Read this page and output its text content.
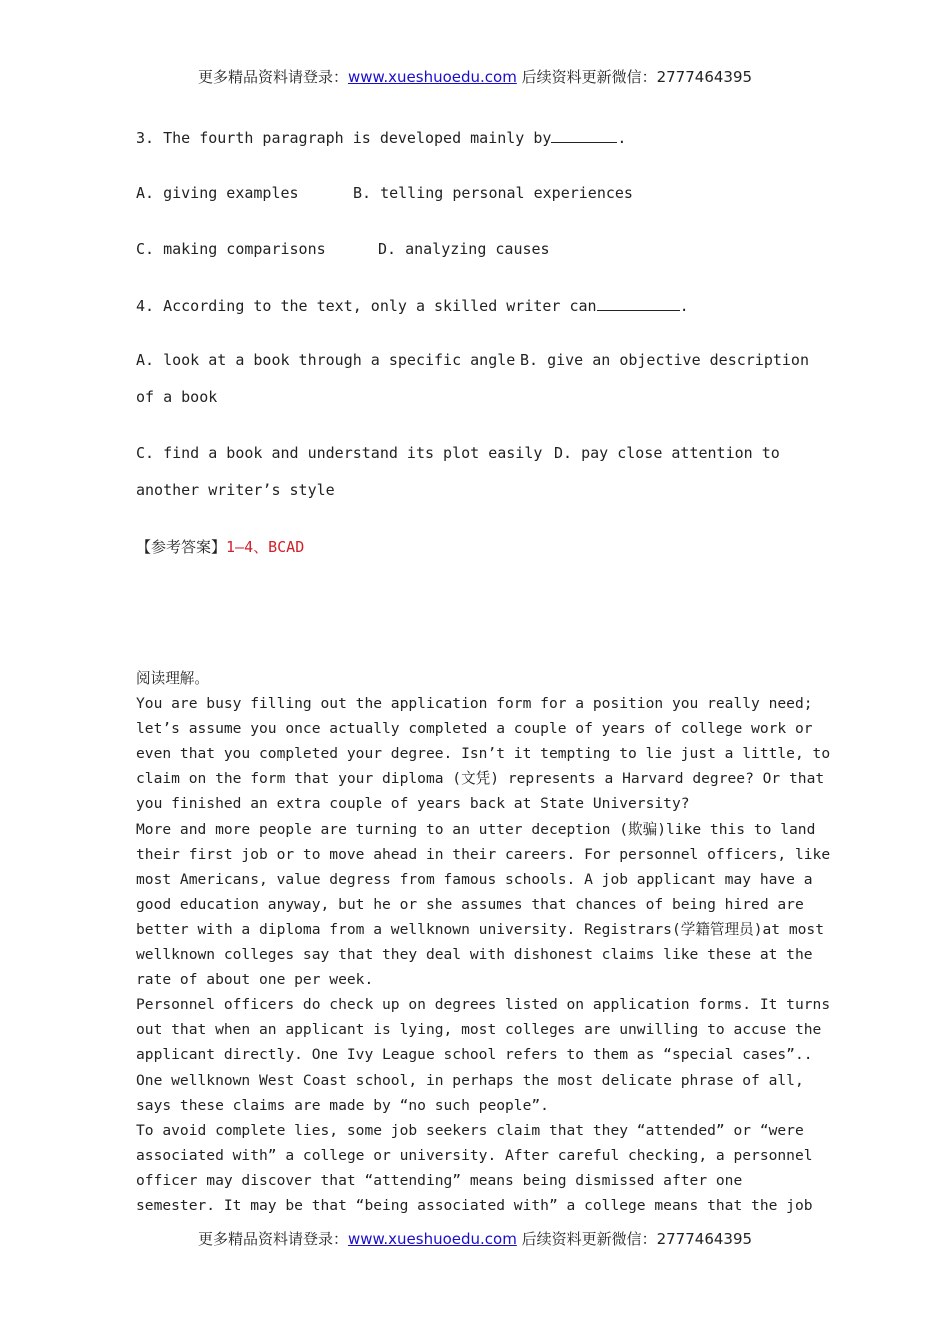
更多精品资料请登录：www.xueshuoedu.com 后续资料更新微信：2777464395

3. The fourth paragraph is developed mainly by	.

A. giving examples	B. telling personal experiences

C. making comparisons	D. analyzing causes

4. According to the text, only a skilled writer can	.

A. look at a book through a specific angle B. give an objective description

of a book

C. find a book and understand its plot easily D. pay close attention to

another writer’s style

【参考答案】1—4、BCAD

阅读理解。

You are busy filling out the application form for a position you really need;

let’s assume you once actually completed a couple of years of college work or

even that you completed your degree. Isn’t it tempting to lie just a little, to

claim on the form that your diploma (文凭) represents a Harvard degree? Or that

you finished an extra couple of years back at State University?

More and more people are turning to an utter deception (欺骗)like this to land

their first job or to move ahead in their careers. For personnel officers, like

most Americans, value degress from famous schools. A job applicant may have a

good education anyway, but he or she assumes that chances of being hired are

better with a diploma from a wellknown university. Registrars(学籍管理员)at most

wellknown colleges say that they deal with dishonest claims like these at the

rate of about one per week.

Personnel officers do check up on degrees listed on application forms. It turns

out that when an applicant is lying, most colleges are unwilling to accuse the

applicant directly. One Ivy League school refers to them as “special cases”..

One wellknown West Coast school, in perhaps the most delicate phrase of all,

says these claims are made by “no such people”.

To avoid complete lies, some job seekers claim that they “attended” or “were

associated with” a college or university. After careful checking, a personnel

officer may discover that “attending” means being dismissed after one

semester. It may be that “being associated with” a college means that the job

更多精品资料请登录：www.xueshuoedu.com 后续资料更新微信：2777464395
